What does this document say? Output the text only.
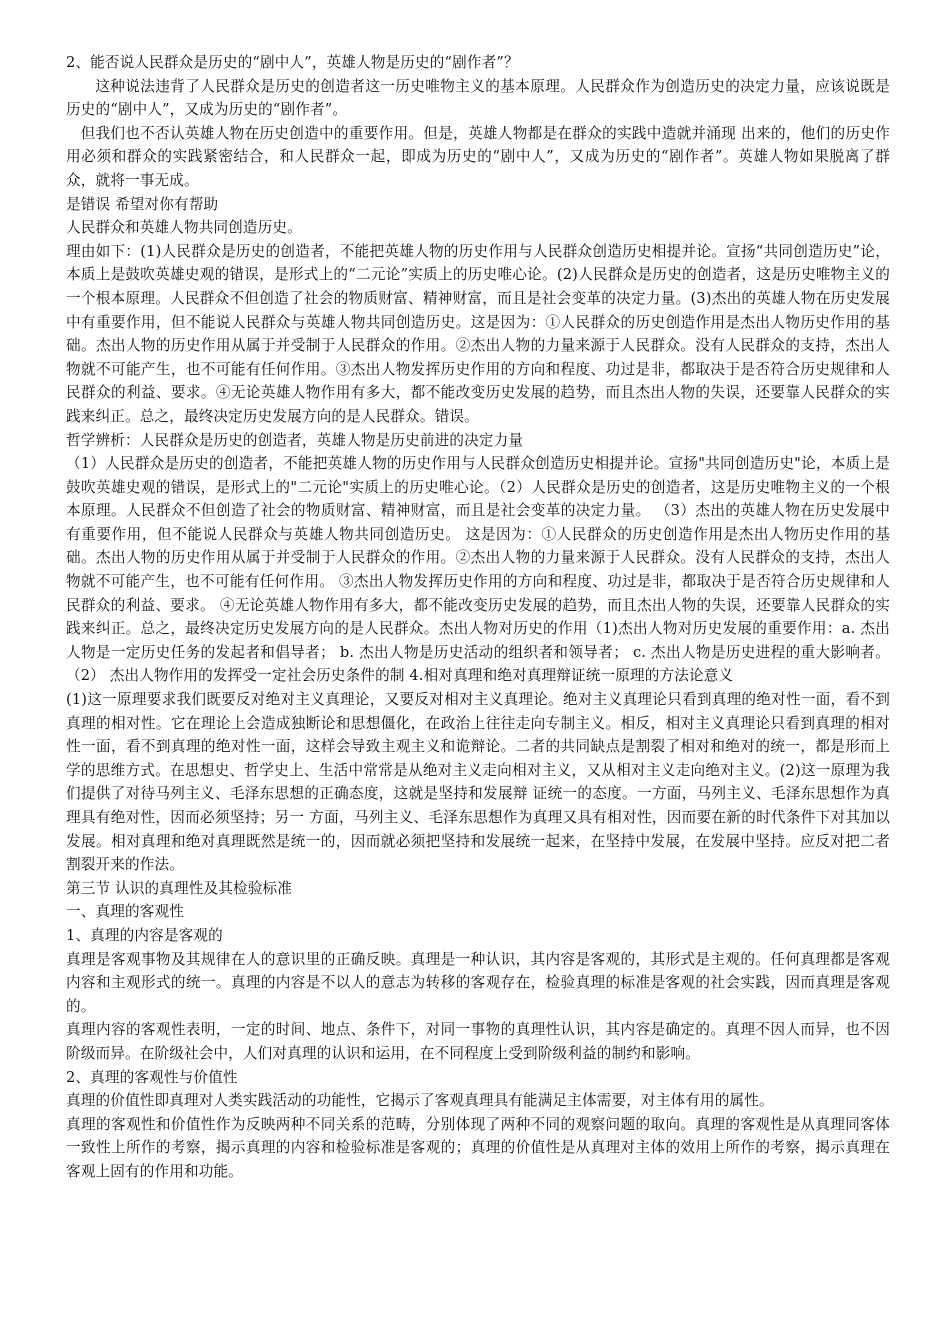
2、能否说人民群众是历史的“剧中人”，英雄人物是历史的“剧作者”？

这种说法违背了人民群众是历史的创造者这一历史唯物主义的基本原理。人民群众作为创造历史的决定力量，应该说既是历史的“剧中人”，又成为历史的“剧作者”。

但我们也不否认英雄人物在历史创造中的重要作用。但是，英雄人物都是在群众的实践中造就并涌现 出来的，他们的历史作用必须和群众的实践紧密结合，和人民群众一起，即成为历史的“剧中人”，又成为历史的“剧作者”。英雄人物如果脱离了群众，就将一事无成。

是错误 希望对你有帮助

人民群众和英雄人物共同创造历史。

理由如下：(1)人民群众是历史的创造者，不能把英雄人物的历史作用与人民群众创造历史相提并论。宣扬“共同创造历史”论，本质上是鼓吹英雄史观的错误，是形式上的“二元论”实质上的历史唯心论。(2)人民群众是历史的创造者，这是历史唯物主义的一个根本原理。人民群众不但创造了社会的物质财富、精神财富，而且是社会变革的决定力量。(3)杰出的英雄人物在历史发展中有重要作用，但不能说人民群众与英雄人物共同创造历史。这是因为：①人民群众的历史创造作用是杰出人物历史作用的基础。杰出人物的历史作用从属于并受制于人民群众的作用。②杰出人物的力量来源于人民群众。没有人民群众的支持，杰出人物就不可能产生，也不可能有任何作用。③杰出人物发挥历史作用的方向和程度、功过是非，都取决于是否符合历史规律和人民群众的利益、要求。④无论英雄人物作用有多大，都不能改变历史发展的趋势，而且杰出人物的失误，还要靠人民群众的实践来纠正。总之，最终决定历史发展方向的是人民群众。错误。

哲学辨析：人民群众是历史的创造者，英雄人物是历史前进的决定力量

（1）人民群众是历史的创造者，不能把英雄人物的历史作用与人民群众创造历史相提并论。宣扬"共同创造历史"论，本质上是鼓吹英雄史观的错误，是形式上的"二元论"实质上的历史唯心论。（2）人民群众是历史的创造者，这是历史唯物主义的一个根本原理。人民群众不但创造了社会的物质财富、精神财富，而且是社会变革的决定力量。 （3）杰出的英雄人物在历史发展中有重要作用，但不能说人民群众与英雄人物共同创造历史。 这是因为：①人民群众的历史创造作用是杰出人物历史作用的基础。杰出人物的历史作用从属于并受制于人民群众的作用。②杰出人物的力量来源于人民群众。没有人民群众的支持，杰出人物就不可能产生，也不可能有任何作用。 ③杰出人物发挥历史作用的方向和程度、功过是非，都取决于是否符合历史规律和人民群众的利益、要求。 ④无论英雄人物作用有多大，都不能改变历史发展的趋势，而且杰出人物的失误，还要靠人民群众的实践来纠正。总之，最终决定历史发展方向的是人民群众。杰出人物对历史的作用（1)杰出人物对历史发展的重要作用：a. 杰出人物是一定历史任务的发起者和倡导者； b. 杰出人物是历史活动的组织者和领导者； c. 杰出人物是历史进程的重大影响者。 （2） 杰出人物作用的发挥受一定社会历史条件的制 4.相对真理和绝对真理辩证统一原理的方法论意义

(1)这一原理要求我们既要反对绝对主义真理论，又要反对相对主义真理论。绝对主义真理论只看到真理的绝对性一面，看不到真理的相对性。它在理论上会造成独断论和思想僵化，在政治上往往走向专制主义。相反，相对主义真理论只看到真理的相对性一面，看不到真理的绝对性一面，这样会导致主观主义和诡辩论。二者的共同缺点是割裂了相对和绝对的统一，都是形而上学的思维方式。在思想史、哲学史上、生活中常常是从绝对主义走向相对主义，又从相对主义走向绝对主义。(2)这一原理为我们提供了对待马列主义、毛泽东思想的正确态度，这就是坚持和发展辩 证统一的态度。一方面，马列主义、毛泽东思想作为真理具有绝对性，因而必须坚持；另一 方面，马列主义、毛泽东思想作为真理又具有相对性，因而要在新的时代条件下对其加以发展。相对真理和绝对真理既然是统一的，因而就必须把坚持和发展统一起来，在坚持中发展，在发展中坚持。应反对把二者割裂开来的作法。

第三节 认识的真理性及其检验标准

一、真理的客观性

1、真理的内容是客观的

真理是客观事物及其规律在人的意识里的正确反映。真理是一种认识，其内容是客观的，其形式是主观的。任何真理都是客观内容和主观形式的统一。真理的内容是不以人的意志为转移的客观存在，检验真理的标准是客观的社会实践，因而真理是客观的。

真理内容的客观性表明，一定的时间、地点、条件下，对同一事物的真理性认识，其内容是确定的。真理不因人而异，也不因阶级而异。在阶级社会中，人们对真理的认识和运用，在不同程度上受到阶级利益的制约和影响。

2、真理的客观性与价值性

真理的价值性即真理对人类实践活动的功能性，它揭示了客观真理具有能满足主体需要，对主体有用的属性。

真理的客观性和价值性作为反映两种不同关系的范畴，分别体现了两种不同的观察问题的取向。真理的客观性是从真理同客体一致性上所作的考察，揭示真理的内容和检验标准是客观的；真理的价值性是从真理对主体的效用上所作的考察，揭示真理在客观上固有的作用和功能。
